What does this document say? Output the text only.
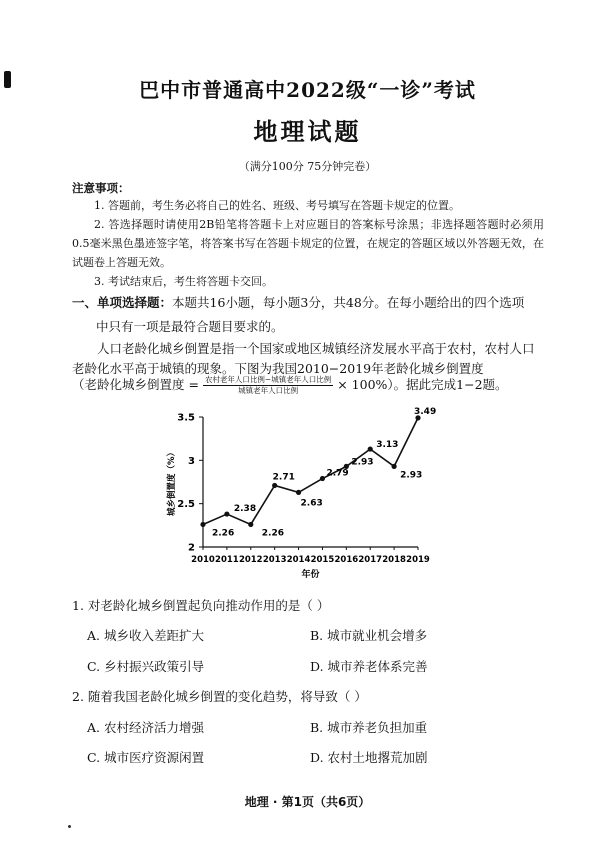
巴中市普通高中2022级“一诊”考试
地理试题
（满分100分 75分钟完卷）
注意事项：
1. 答题前，考生务必将自己的姓名、班级、考号填写在答题卡规定的位置。
2. 答选择题时请使用2B铅笔将答题卡上对应题目的答案标号涂黑；非选择题答题时必须用0.5毫米黑色墨迹签字笔，将答案书写在答题卡规定的位置，在规定的答题区域以外答题无效，在试题卷上答题无效。
3. 考试结束后，考生将答题卡交回。
一、单项选择题：本题共16小题，每小题3分，共48分。在每小题给出的四个选项
中只有一项是最符合题目要求的。
人口老龄化城乡倒置是指一个国家或地区城镇经济发展水平高于农村，农村人口
老龄化水平高于城镇的现象。下图为我国2010−2019年老龄化城乡倒置度
（老龄化城乡倒置度 = $\frac{\text{农村老年人口比例−城镇老年人口比例}}{\text{城镇老年人口比例}} \times 100\%$）。据此完成1−2题。
2
2.5
3
3.5
2010 2011 2012 2013 2014 2015 2016 2017 2018 2019
2.26
2.38
2.26
2.71
2.63
2.79
2.93
3.13
2.93
3.49
年份
城乡倒置度（%）
1. 对老龄化城乡倒置起负向推动作用的是（ ）
A. 城乡收入差距扩大	B. 城市就业机会增多
C. 乡村振兴政策引导	D. 城市养老体系完善
2. 随着我国老龄化城乡倒置的变化趋势，将导致（ ）
A. 农村经济活力增强	B. 城市养老负担加重
C. 城市医疗资源闲置	D. 农村土地撂荒加剧
地理 · 第1页（共6页）
